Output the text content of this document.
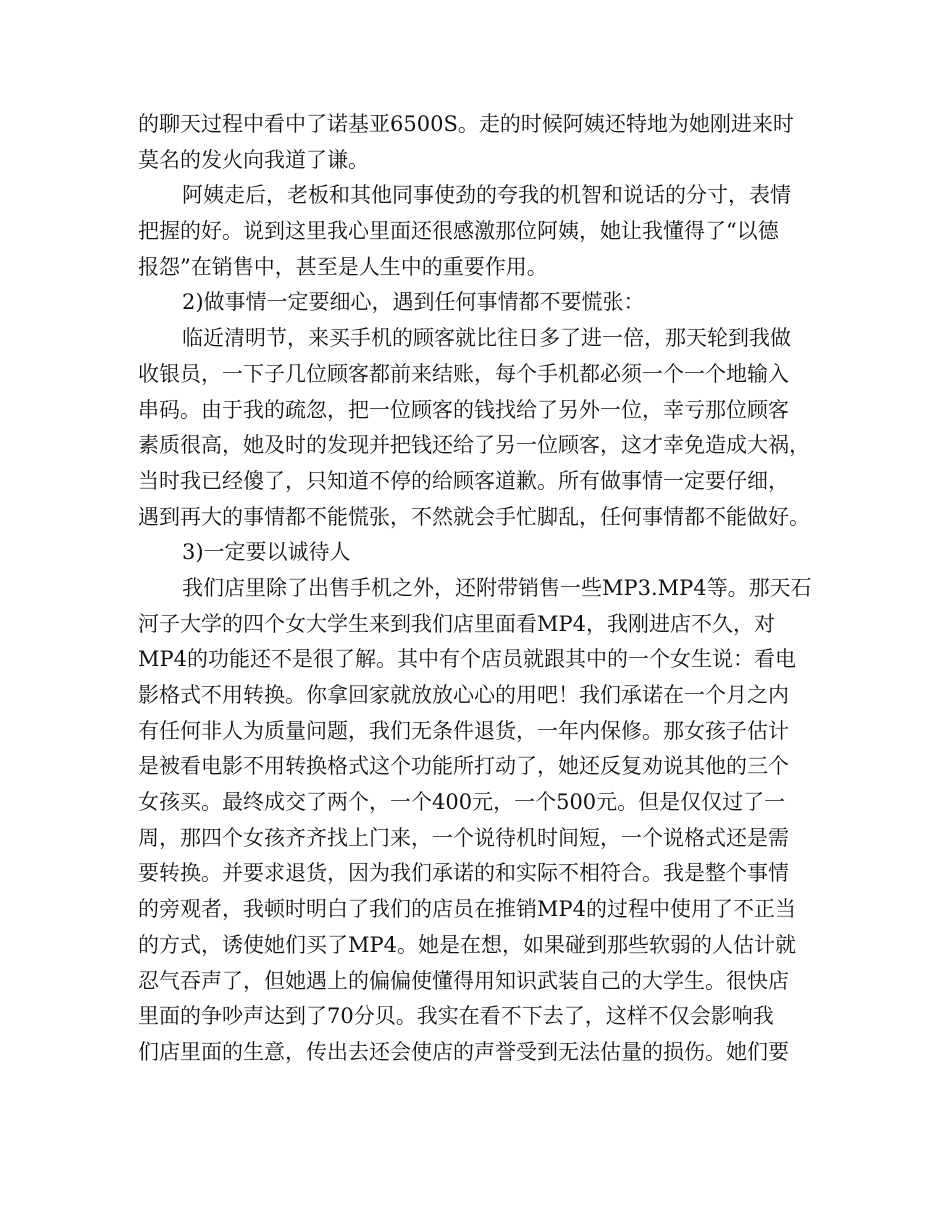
的聊天过程中看中了诺基亚6500S。走的时候阿姨还特地为她刚进来时
莫名的发火向我道了谦。
阿姨走后，老板和其他同事使劲的夸我的机智和说话的分寸，表情
把握的好。说到这里我心里面还很感激那位阿姨，她让我懂得了“以德
报怨”在销售中，甚至是人生中的重要作用。
2)做事情一定要细心，遇到任何事情都不要慌张：
临近清明节，来买手机的顾客就比往日多了进一倍，那天轮到我做
收银员，一下子几位顾客都前来结账，每个手机都必须一个一个地输入
串码。由于我的疏忽，把一位顾客的钱找给了另外一位，幸亏那位顾客
素质很高，她及时的发现并把钱还给了另一位顾客，这才幸免造成大祸，
当时我已经傻了，只知道不停的给顾客道歉。所有做事情一定要仔细，
遇到再大的事情都不能慌张，不然就会手忙脚乱，任何事情都不能做好。
3)一定要以诚待人
我们店里除了出售手机之外，还附带销售一些MP3.MP4等。那天石
河子大学的四个女大学生来到我们店里面看MP4，我刚进店不久，对
MP4的功能还不是很了解。其中有个店员就跟其中的一个女生说：看电
影格式不用转换。你拿回家就放放心心的用吧！我们承诺在一个月之内
有任何非人为质量问题，我们无条件退货，一年内保修。那女孩子估计
是被看电影不用转换格式这个功能所打动了，她还反复劝说其他的三个
女孩买。最终成交了两个，一个400元，一个500元。但是仅仅过了一
周，那四个女孩齐齐找上门来，一个说待机时间短，一个说格式还是需
要转换。并要求退货，因为我们承诺的和实际不相符合。我是整个事情
的旁观者，我顿时明白了我们的店员在推销MP4的过程中使用了不正当
的方式，诱使她们买了MP4。她是在想，如果碰到那些软弱的人估计就
忍气吞声了，但她遇上的偏偏使懂得用知识武装自己的大学生。很快店
里面的争吵声达到了70分贝。我实在看不下去了，这样不仅会影响我
们店里面的生意，传出去还会使店的声誉受到无法估量的损伤。她们要
